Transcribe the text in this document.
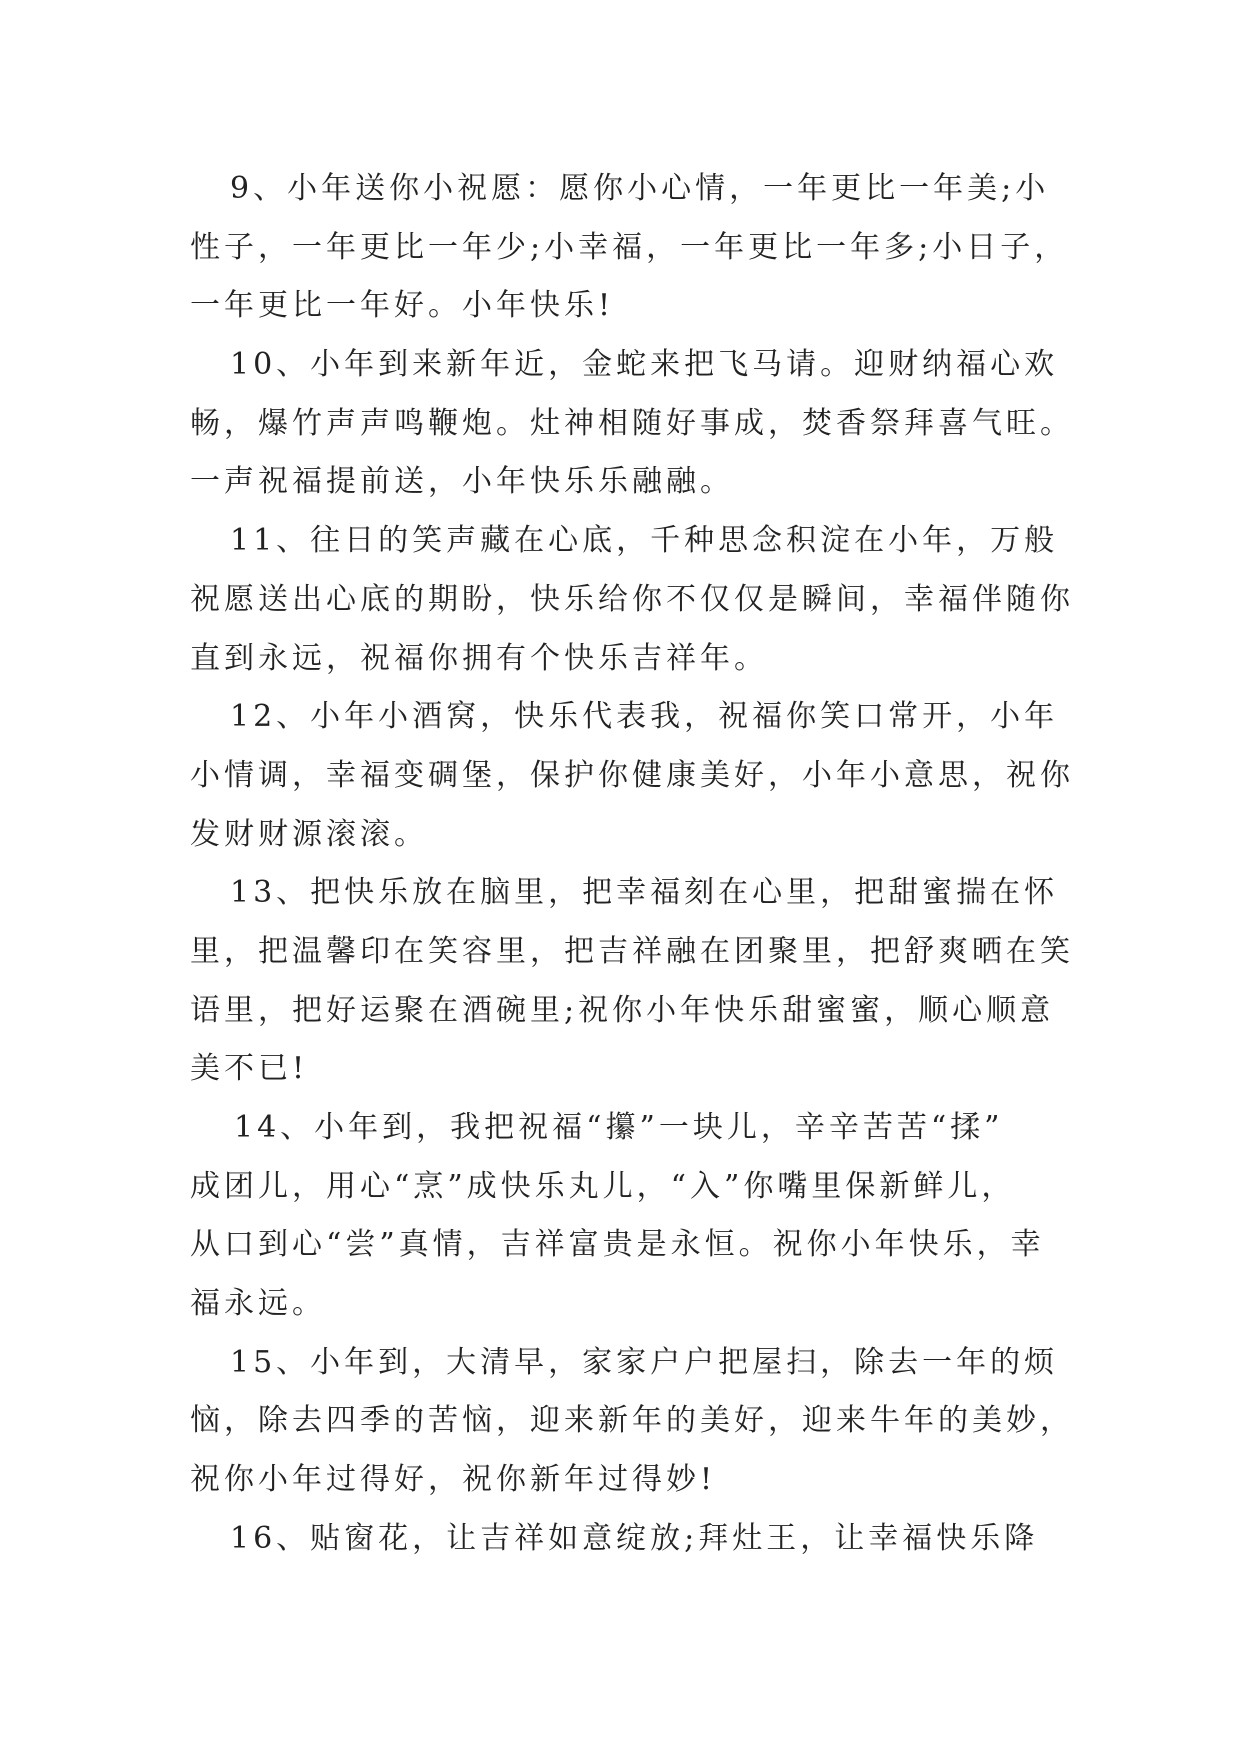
9、小年送你小祝愿：愿你小心情，一年更比一年美;小
性子，一年更比一年少;小幸福，一年更比一年多;小日子，
一年更比一年好。小年快乐!
10、小年到来新年近，金蛇来把飞马请。迎财纳福心欢
畅，爆竹声声鸣鞭炮。灶神相随好事成，焚香祭拜喜气旺。
一声祝福提前送，小年快乐乐融融。
11、往日的笑声藏在心底，千种思念积淀在小年，万般
祝愿送出心底的期盼，快乐给你不仅仅是瞬间，幸福伴随你
直到永远，祝福你拥有个快乐吉祥年。
12、小年小酒窝，快乐代表我，祝福你笑口常开，小年
小情调，幸福变碉堡，保护你健康美好，小年小意思，祝你
发财财源滚滚。
13、把快乐放在脑里，把幸福刻在心里，把甜蜜揣在怀
里，把温馨印在笑容里，把吉祥融在团聚里，把舒爽晒在笑
语里，把好运聚在酒碗里;祝你小年快乐甜蜜蜜，顺心顺意
美不已!
14、小年到，我把祝福“攥”一块儿，辛辛苦苦“揉”
成团儿，用心“烹”成快乐丸儿，“入”你嘴里保新鲜儿，
从口到心“尝”真情，吉祥富贵是永恒。祝你小年快乐，幸
福永远。
15、小年到，大清早，家家户户把屋扫，除去一年的烦
恼，除去四季的苦恼，迎来新年的美好，迎来牛年的美妙，
祝你小年过得好，祝你新年过得妙!
16、贴窗花，让吉祥如意绽放;拜灶王，让幸福快乐降
